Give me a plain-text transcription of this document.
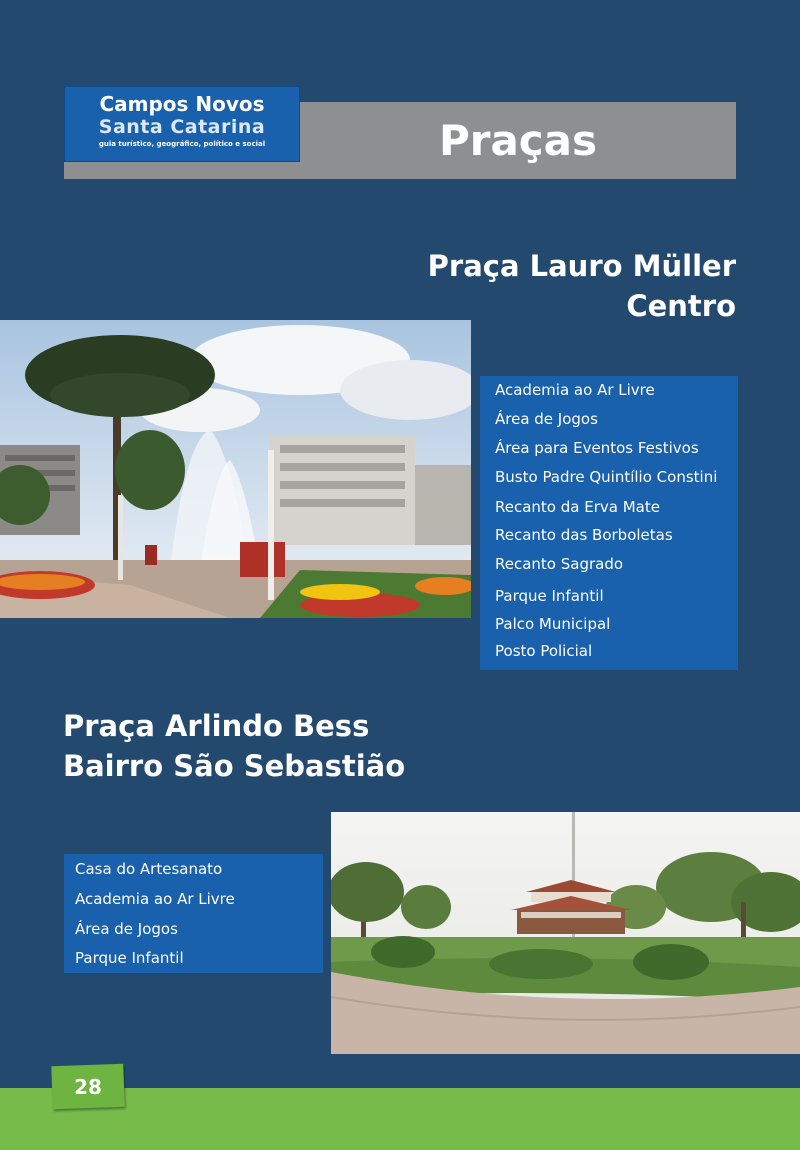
Campos Novos
Santa Catarina
guia turístico, geográfico, político e social	Praças
Praça Lauro Müller
Centro
Academia ao Ar Livre
Área de Jogos
Área para Eventos Festivos
Busto Padre Quintílio Constini
Recanto da Erva Mate
Recanto das Borboletas
Recanto Sagrado
Parque Infantil
Palco Municipal
Posto Policial
Praça Arlindo Bess
Bairro São Sebastião
Casa do Artesanato
Academia ao Ar Livre
Área de Jogos
Parque Infantil
28
